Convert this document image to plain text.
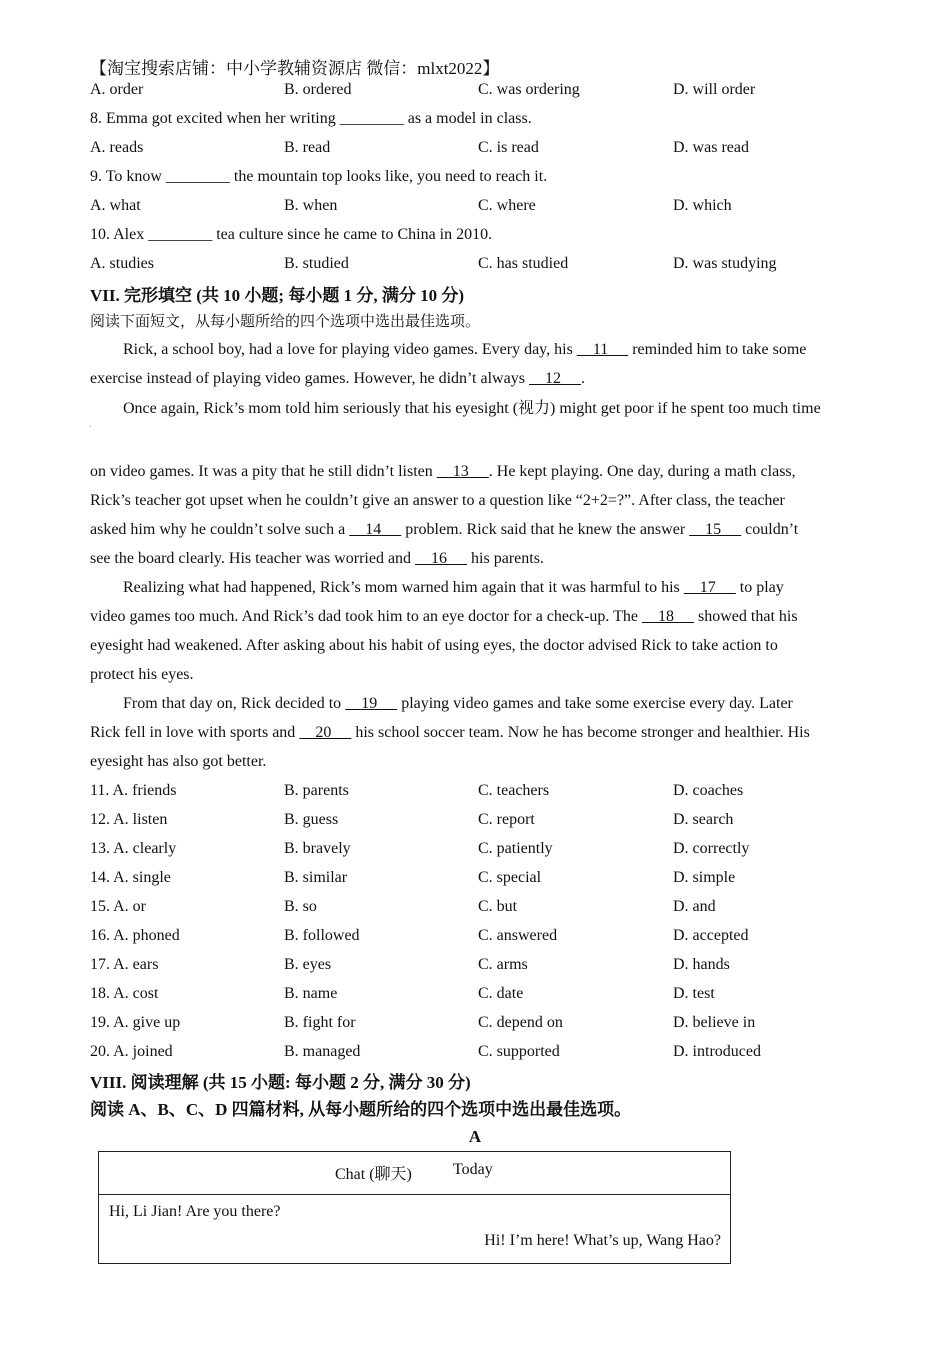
【淘宝搜索店铺：中小学教辅资源店 微信：mlxt2022】
A. order	B. ordered	C. was ordering	D. will order
8. Emma got excited when her writing ________ as a model in class.
A. reads	B. read	C. is read	D. was read
9. To know ________ the mountain top looks like, you need to reach it.
A. what	B. when	C. where	D. which
10. Alex ________ tea culture since he came to China in 2010.
A. studies	B. studied	C. has studied	D. was studying
VII. 完形填空 (共 10 小题; 每小题 1 分, 满分 10 分)
阅读下面短文，从每小题所给的四个选项中选出最佳选项。
Rick, a school boy, had a love for playing video games. Every day, his     11      reminded him to take some
exercise instead of playing video games. However, he didn’t always     12     .
Once again, Rick’s mom told him seriously that his eyesight (视力) might get poor if he spent too much time
on video games. It was a pity that he still didn’t listen     13     . He kept playing. One day, during a math class,
Rick’s teacher got upset when he couldn’t give an answer to a question like “2+2=?”. After class, the teacher
asked him why he couldn’t solve such a     14      problem. Rick said that he knew the answer     15      couldn’t
see the board clearly. His teacher was worried and     16      his parents.
Realizing what had happened, Rick’s mom warned him again that it was harmful to his     17      to play
video games too much. And Rick’s dad took him to an eye doctor for a check-up. The     18      showed that his
eyesight had weakened. After asking about his habit of using eyes, the doctor advised Rick to take action to
protect his eyes.
From that day on, Rick decided to     19      playing video games and take some exercise every day. Later
Rick fell in love with sports and     20      his school soccer team. Now he has become stronger and healthier. His
eyesight has also got better.
11. A. friends	B. parents	C. teachers	D. coaches
12. A. listen	B. guess	C. report	D. search
13. A. clearly	B. bravely	C. patiently	D. correctly
14. A. single	B. similar	C. special	D. simple
15. A. or	B. so	C. but	D. and
16. A. phoned	B. followed	C. answered	D. accepted
17. A. ears	B. eyes	C. arms	D. hands
18. A. cost	B. name	C. date	D. test
19. A. give up	B. fight for	C. depend on	D. believe in
20. A. joined	B. managed	C. supported	D. introduced
VIII. 阅读理解 (共 15 小题: 每小题 2 分, 满分 30 分)
阅读 A、B、C、D 四篇材料, 从每小题所给的四个选项中选出最佳选项。
A
Chat (聊天)	Today
Hi, Li Jian! Are you there?
Hi! I’m here! What’s up, Wang Hao?
